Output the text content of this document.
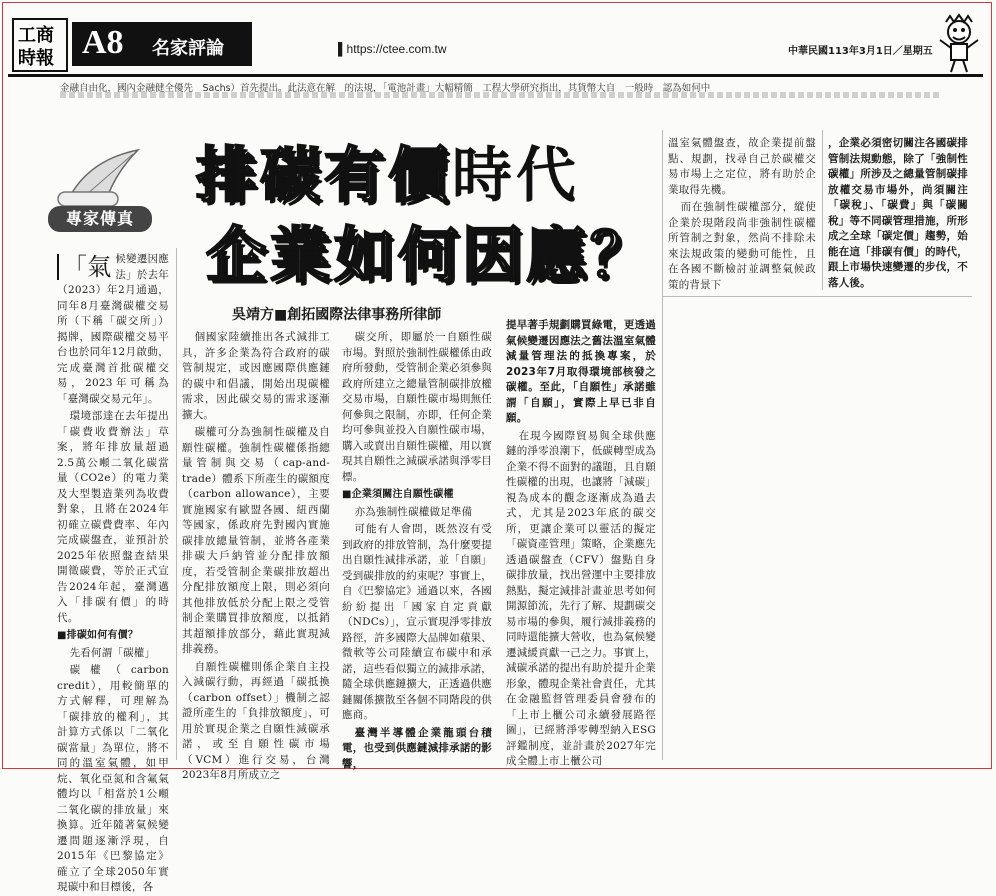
工商
時報 A8 名家評論	▌https://ctee.com.tw	中華民國113年3月1日／星期五
金融自由化，國內金融健全優先　Sachs）首先提出。此法意在解　的法規，「電池計畫」大幅精簡　工程大學研究指出，其貨幣大自　一般時　認為如何中
專家傳真
排碳有價時代
企業如何因應？
吳靖方■創拓國際法律事務所律師

「氣 候變遷因應法」於去年（2023）年2月通過，同年8月臺灣碳權交易所（下稱「碳交所」）揭牌，國際碳權交易平台也於同年12月啟動，完成臺灣首批碳權交易，2023年可稱為「臺灣碳交易元年」。

環境部達在去年提出「碳費收費辦法」草案，將年排放量超過2.5萬公噸二氧化碳當量（CO2e）的電力業及大型製造業列為收費對象，且將在2024年初確立碳費費率、年內完成碳盤查，並預計於2025年依照盤查結果開徵碳費，等於正式宣告2024年起，臺灣邁入「排碳有價」的時代。

■排碳如何有價？

先看何謂「碳權」

碳權（carbon credit），用較簡單的方式解釋，可理解為「碳排放的權利」，其計算方式係以「二氧化碳當量」為單位，將不同的溫室氣體，如甲烷、氧化亞氮和含氟氣體均以「相當於1公噸二氧化碳的排放量」來換算。近年隨著氣候變遷問題逐漸浮現，自2015年《巴黎協定》確立了全球2050年實現碳中和目標後，各

個國家陸續推出各式減排工具，許多企業為符合政府的碳管制規定，或因應國際供應鏈的碳中和倡議，開始出現碳權需求，因此碳交易的需求逐漸擴大。

碳權可分為強制性碳權及自願性碳權。強制性碳權係指總量管制與交易（cap-and-trade）體系下所產生的碳額度（carbon allowance），主要實施國家有歐盟各國、紐西蘭等國家，係政府先對國內實施碳排放總量管制，並將各產業排碳大戶納管並分配排放額度，若受管制企業碳排放超出分配排放額度上限，則必須向其他排放低於分配上限之受管制企業購買排放額度，以抵銷其超額排放部分，藉此實現減排義務。

自願性碳權則係企業自主投入減碳行動，再經過「碳抵換（carbon offset）」機制之認證所產生的「負排放額度」，可用於實現企業之自願性減碳承諾，或至自願性碳市場（VCM）進行交易，台灣2023年8月所成立之

碳交所，即屬於一自願性碳市場。對照於強制性碳權係由政府所發動，受管制企業必須參與政府所建立之總量管制碳排放權交易市場，自願性碳市場則無任何參與之限制，亦即，任何企業均可參與並投入自願性碳市場，購入或賣出自願性碳權，用以實現其自願性之減碳承諾與淨零目標。

■企業須關注自願性碳權

亦為強制性碳權做足準備

可能有人會問，既然沒有受到政府的排放管制，為什麼要提出自願性減排承諾，並「自願」受到碳排放的約束呢？事實上，自《巴黎協定》通過以來，各國紛紛提出「國家自定貢獻（NDCs）」，宣示實現淨零排放路徑，許多國際大品牌如蘋果、微軟等公司陸續宣布碳中和承諾，這些看似獨立的減排承諾，隨全球供應鏈擴大，正透過供應鏈關係擴散至各個不同階段的供應商。

臺灣半導體企業龍頭台積電，也受到供應鏈減排承諾的影響，

提早著手規劃購買綠電，更透過氣候變遷因應法之舊法溫室氣體減量管理法的抵換專案，於2023年7月取得環境部核發之碳權。至此，「自願性」承諾雖謂「自願」，實際上早已非自願。

在現今國際貿易與全球供應鏈的淨零浪潮下，低碳轉型成為企業不得不面對的議題，且自願性碳權的出現，也讓將「減碳」視為成本的觀念逐漸成為過去式，尤其是2023年底的碳交所，更讓企業可以靈活的擬定「碳資產管理」策略，企業應先透過碳盤查（CFV）盤點自身碳排放量，找出營運中主要排放熱點，擬定減排計畫並思考如何開源節流，先行了解、規劃碳交易市場的參與，履行減排義務的同時還能擴大營收，也為氣候變遷減緩貢獻一己之力。事實上，減碳承諾的提出有助於提升企業形象，體現企業社會責任，尤其在金融監督管理委員會發布的「上市上櫃公司永續發展路徑圖」，已經將淨零轉型納入ESG評鑑制度，並計畫於2027年完成全體上市上櫃公司

溫室氣體盤查，故企業提前盤點、規劃，找尋自己於碳權交易市場上之定位，將有助於企業取得先機。

而在強制性碳權部分，縱使企業於現階段尚非強制性碳權所管制之對象，然尚不排除未來法規政策的變動可能性，且在各國不斷檢討並調整氣候政策的背景下

，企業必須密切關注各國碳排管制法規動態，除了「強制性碳權」所涉及之總量管制碳排放權交易市場外，尚須關注「碳稅」、「碳費」與「碳關稅」等不同碳管理措施，所形成之全球「碳定價」趨勢，始能在這「排碳有價」的時代，跟上市場快速變遷的步伐，不落人後。
